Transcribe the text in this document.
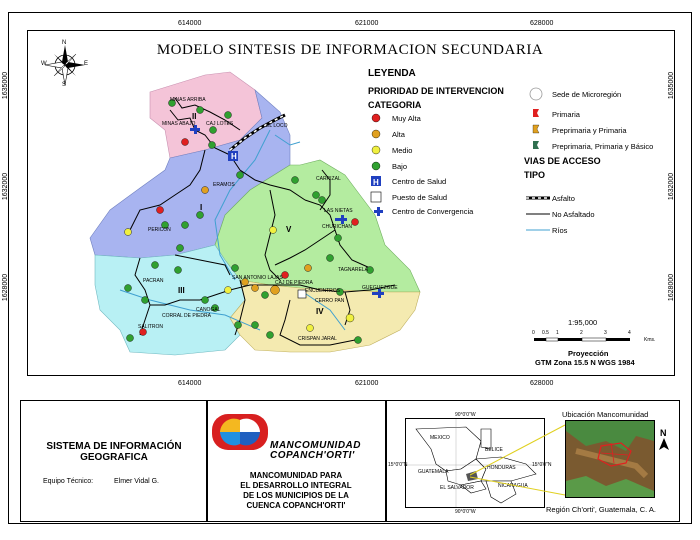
614000	621000	628000
614000	621000	628000
1635000
1632000
1628000
1635000
1632000
1628000
MODELO SINTESIS DE INFORMACION SECUNDARIA
N
S
W	E
H
I
II
III
IV
V
MINAS ARRIBA
MINAS ABAJO CAJ LOTES	EL LOCO
CARRIZAL
LAS NIETAS
CHURICHAN
TAGNARELA
GUEGUEZGUE
ERAMOS
PERICON
SAN ANTONIO LAJAS
CAJ DE PIEDRA
CANOGAL
CORRAL DE PIEDRA
SALITRON
CERRO PAN
ENCUENTROS
PACRAN
CRISPAN JARAL
LEYENDA
PRIORIDAD DE INTERVENCION
CATEGORIA
H
Muy Alta
Alta
Medio
Bajo
Centro de Salud
Puesto de Salud
Centro de Convergencia
Sede de Microregión
Primaria
Preprimaria y Primaria
Preprimaria, Primaria y Básico
VIAS DE ACCESO
TIPO
Asfalto
No Asfaltado
Ríos
1:95,000
0 0.5 1	2	3	4
Kms.
Proyección
GTM Zona 15.5 N WGS 1984
SISTEMA DE INFORMACIÓN GEOGRAFICA
Equipo Técnico:	Elmer Vidal G.
MANCOMUNIDAD
COPANCH'ORTI'
MANCOMUNIDAD PARA
EL DESARROLLO INTEGRAL
DE LOS MUNICIPIOS DE LA
CUENCA COPANCH'ORTI'
90°0'0"W
15°0'0"N	15°0'0"N
90°0'0"W
MEXICO
BELICE
GUATEMALA
HONDURAS
EL SALVADOR	NICARAGUA
Ubicación Mancomunidad
N
Región Ch'orti', Guatemala, C. A.
